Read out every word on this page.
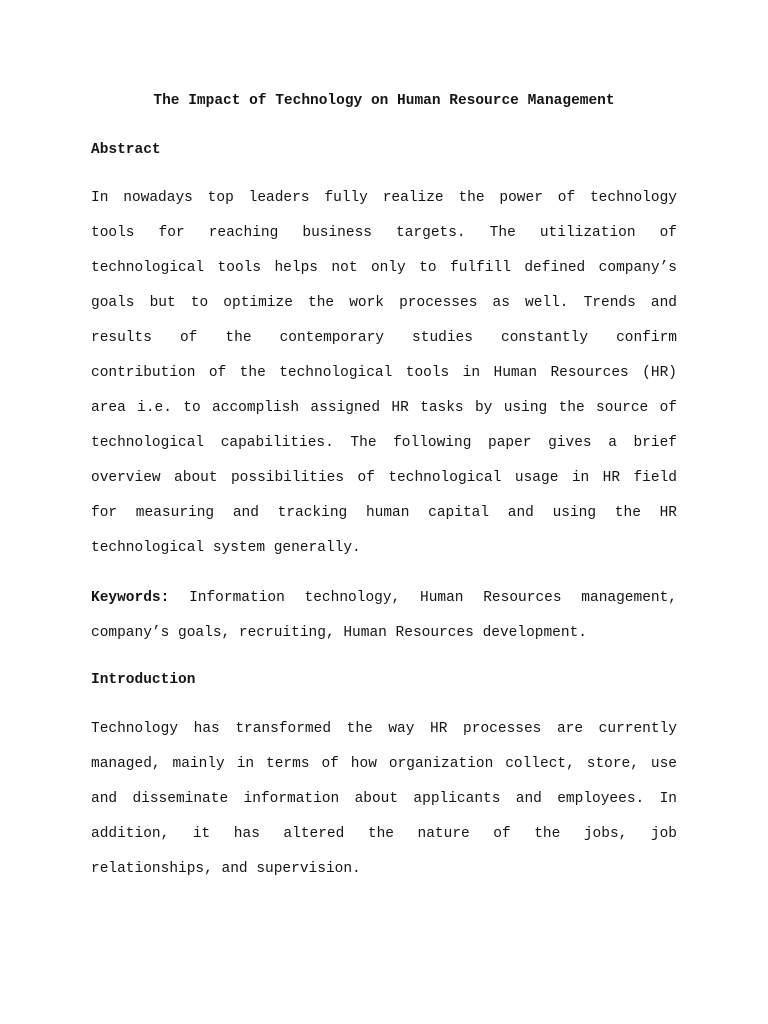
The Impact of Technology on Human Resource Management
Abstract
In nowadays top leaders fully realize the power of technology
tools for reaching business targets. The utilization of
technological tools helps not only to fulfill defined company’s
goals but to optimize the work processes as well. Trends and
results of the contemporary studies constantly confirm
contribution of the technological tools in Human Resources (HR)
area i.e. to accomplish assigned HR tasks by using the source of
technological capabilities. The following paper gives a brief
overview about possibilities of technological usage in HR field
for measuring and tracking human capital and using the HR
technological system generally.
Keywords: Information technology, Human Resources management,
company’s goals, recruiting, Human Resources development.
Introduction
Technology has transformed the way HR processes are currently
managed, mainly in terms of how organization collect, store, use
and disseminate information about applicants and employees. In
addition, it has altered the nature of the jobs, job
relationships, and supervision.
